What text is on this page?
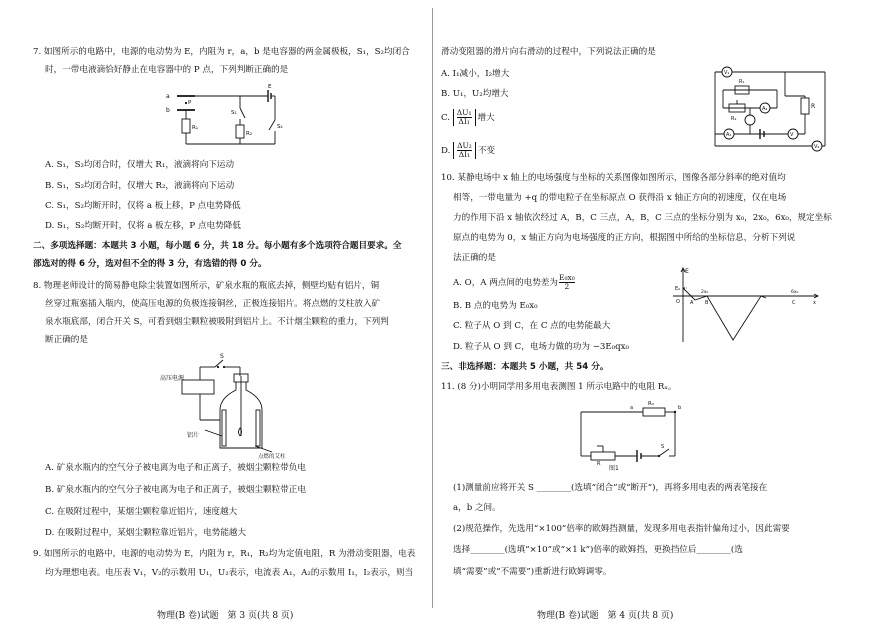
7. 如图所示的电路中，电源的电动势为 E，内阻为 r，a，b 是电容器的两金属极板，S₁，S₂均闭合
时，一带电液滴恰好静止在电容器中的 P 点，下列判断正确的是
a
b
P
R₁
R₂
S₁
E
S₂
A. S₁，S₂均闭合时，仅增大 R₁，液滴将向下运动
B. S₁，S₂均闭合时，仅增大 R₂，液滴将向下运动
C. S₁，S₂均断开时，仅将 a 板上移，P 点电势降低
D. S₁，S₂均断开时，仅将 a 板左移，P 点电势降低
二、多项选择题：本题共 3 小题，每小题 6 分，共 18 分。每小题有多个选项符合题目要求。全
部选对的得 6 分，选对但不全的得 3 分，有选错的得 0 分。
8. 物理老师设计的简易静电除尘装置如图所示，矿泉水瓶的瓶底去掉，侧壁均贴有铝片，铜
丝穿过瓶塞插入瓶内，使高压电源的负极连接铜丝，正极连接铝片。将点燃的艾柱放入矿
泉水瓶底部，闭合开关 S，可看到烟尘颗粒被吸附到铝片上。不计烟尘颗粒的重力，下列判
断正确的是
S
高压电源
铝片
点燃的艾柱
A. 矿泉水瓶内的空气分子被电离为电子和正离子，被烟尘颗粒带负电
B. 矿泉水瓶内的空气分子被电离为电子和正离子，被烟尘颗粒带正电
C. 在吸附过程中，某烟尘颗粒靠近铝片，速度越大
D. 在吸附过程中，某烟尘颗粒靠近铝片，电势能越大
9. 如图所示的电路中，电源的电动势为 E，内阻为 r，R₁，R₂均为定值电阻，R 为滑动变阻器，电表
均为理想电表。电压表 V₁，V₂的示数用 U₁，U₂表示，电流表 A₁，A₂的示数用 I₁，I₂表示，则当
物理(B 卷)试题　第 3 页(共 8 页)
滑动变阻器的滑片向右滑动的过程中，下列说法正确的是
A. I₁减小，I₂增大
B. U₁，U₂均增大
C. $\frac{\text{ΔU₁}}{\text{ΔI₁}}$ 增大
D. $\frac{\text{ΔU₂}}{\text{ΔI₁}}$ 不变
V₁
R₁
A₂
A₁	V
V₂
R
R₂
10. 某静电场中 x 轴上的电场强度与坐标的关系图像如图所示，图像各部分斜率的绝对值均
相等，一带电量为 +q 的带电粒子在坐标原点 O 获得沿 x 轴正方向的初速度，仅在电场
力的作用下沿 x 轴依次经过 A，B，C 三点，A，B，C 三点的坐标分别为 x₀，2x₀，6x₀，规定坐标
原点的电势为 0，x 轴正方向为电场强度的正方向，根据图中所给的坐标信息，分析下列说
法正确的是
A. O，A 两点间的电势差为 $\frac{\text{E₀x₀}}{2}$
B. B 点的电势为 E₀x₀
C. 粒子从 O 到 C，在 C 点的电势能最大
D. 粒子从 O 到 C，电场力做的功为 −3E₀qx₀
E
E₀
O A B
2x₀
C
6x₀
x
三、非选择题：本题共 5 小题，共 54 分。
11. (8 分)小明同学用多用电表测图 1 所示电路中的电阻 Rₓ。
Rₓ
a	b
R
S
图1
(1)测量前应将开关 S ________(选填“闭合”或“断开”)，再将多用电表的两表笔接在
a，b 之间。
(2)规范操作，先选用“×100”倍率的欧姆挡测量，发现多用电表指针偏角过小，因此需要
选择________(选填“×10”或“×1 k”)倍率的欧姆挡，更换挡位后________(选
填“需要”或“不需要”)重新进行欧姆调零。
物理(B 卷)试题　第 4 页(共 8 页)
